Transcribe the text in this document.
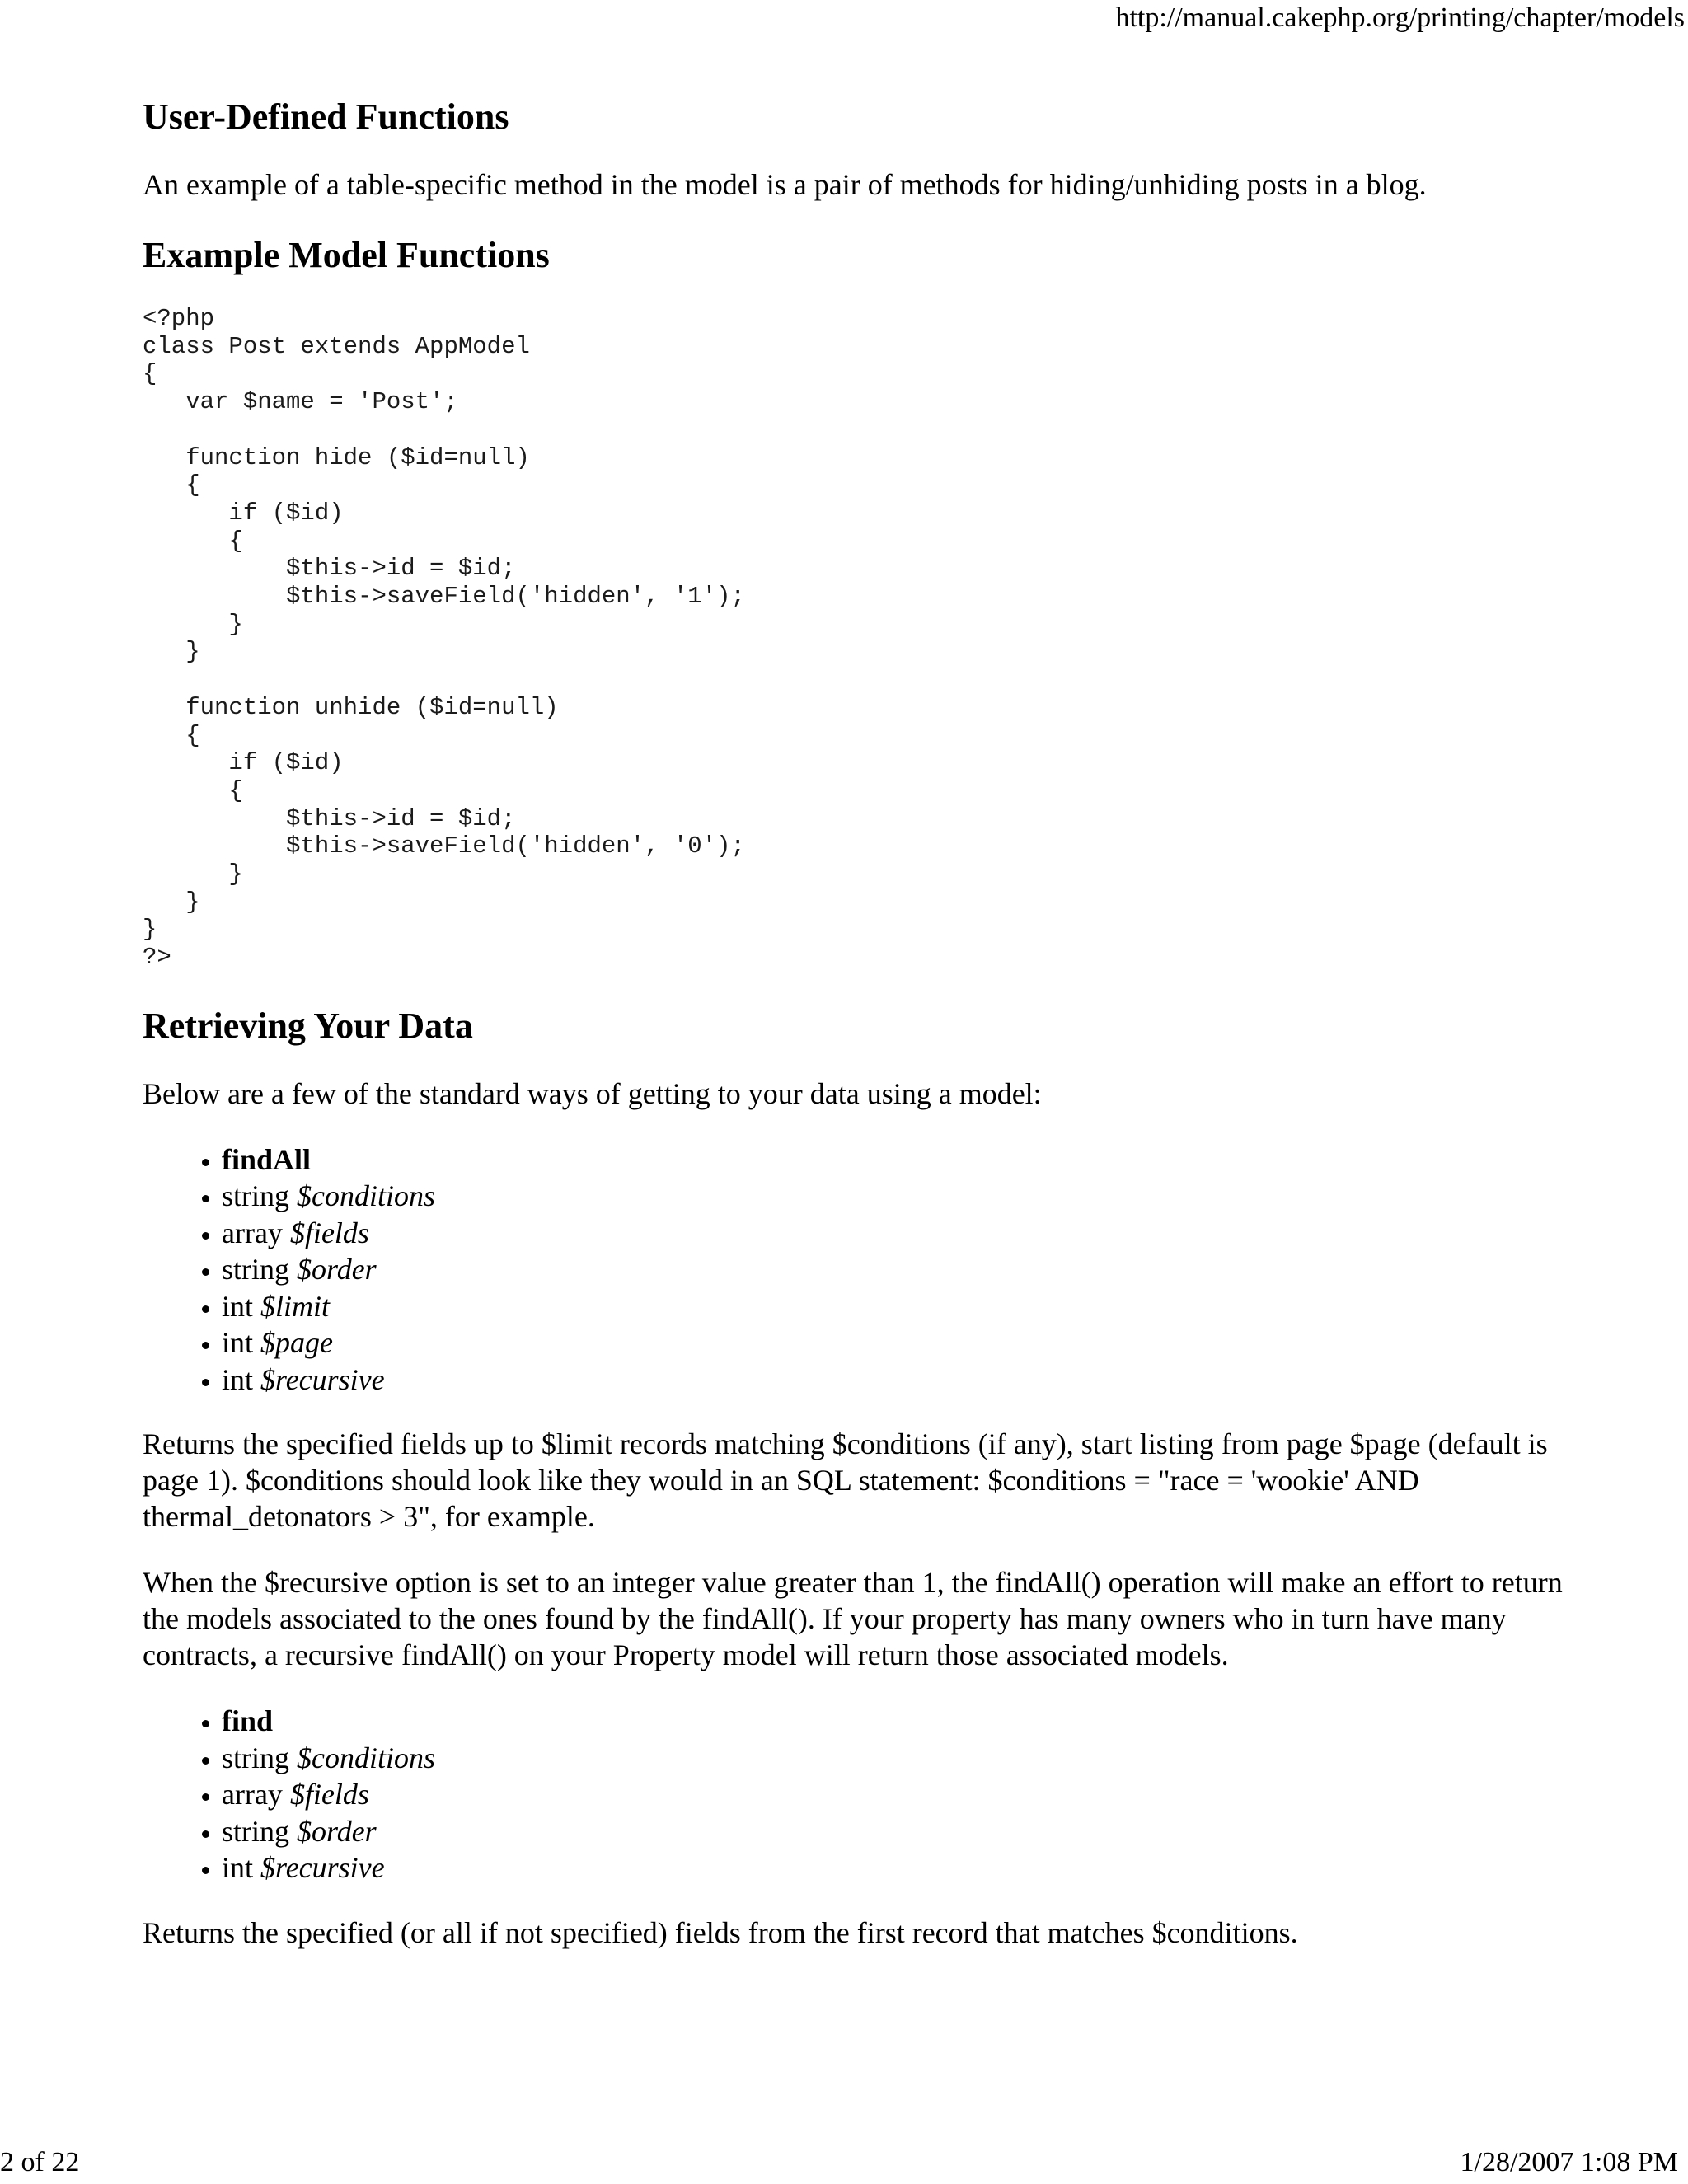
http://manual.cakephp.org/printing/chapter/models
User-Defined Functions

An example of a table-specific method in the model is a pair of methods for hiding/unhiding posts in a blog.

Example Model Functions
<?php
class Post extends AppModel
{
var $name = 'Post';

function hide ($id=null)
{
if ($id)
{
$this->id = $id;
$this->saveField('hidden', '1');
}
}

function unhide ($id=null)
{
if ($id)
{
$this->id = $id;
$this->saveField('hidden', '0');
}
}
}
?>
Retrieving Your Data

Below are a few of the standard ways of getting to your data using a model:

• findAll
• string $conditions
• array $fields
• string $order
• int $limit
• int $page
• int $recursive

Returns the specified fields up to $limit records matching $conditions (if any), start listing from page $page (default is page 1). $conditions should look like they would in an SQL statement: $conditions = "race = 'wookie' AND thermal_detonators > 3", for example.

When the $recursive option is set to an integer value greater than 1, the findAll() operation will make an effort to return the models associated to the ones found by the findAll(). If your property has many owners who in turn have many contracts, a recursive findAll() on your Property model will return those associated models.

• find
• string $conditions
• array $fields
• string $order
• int $recursive

Returns the specified (or all if not specified) fields from the first record that matches $conditions.

2 of 22	1/28/2007 1:08 PM
